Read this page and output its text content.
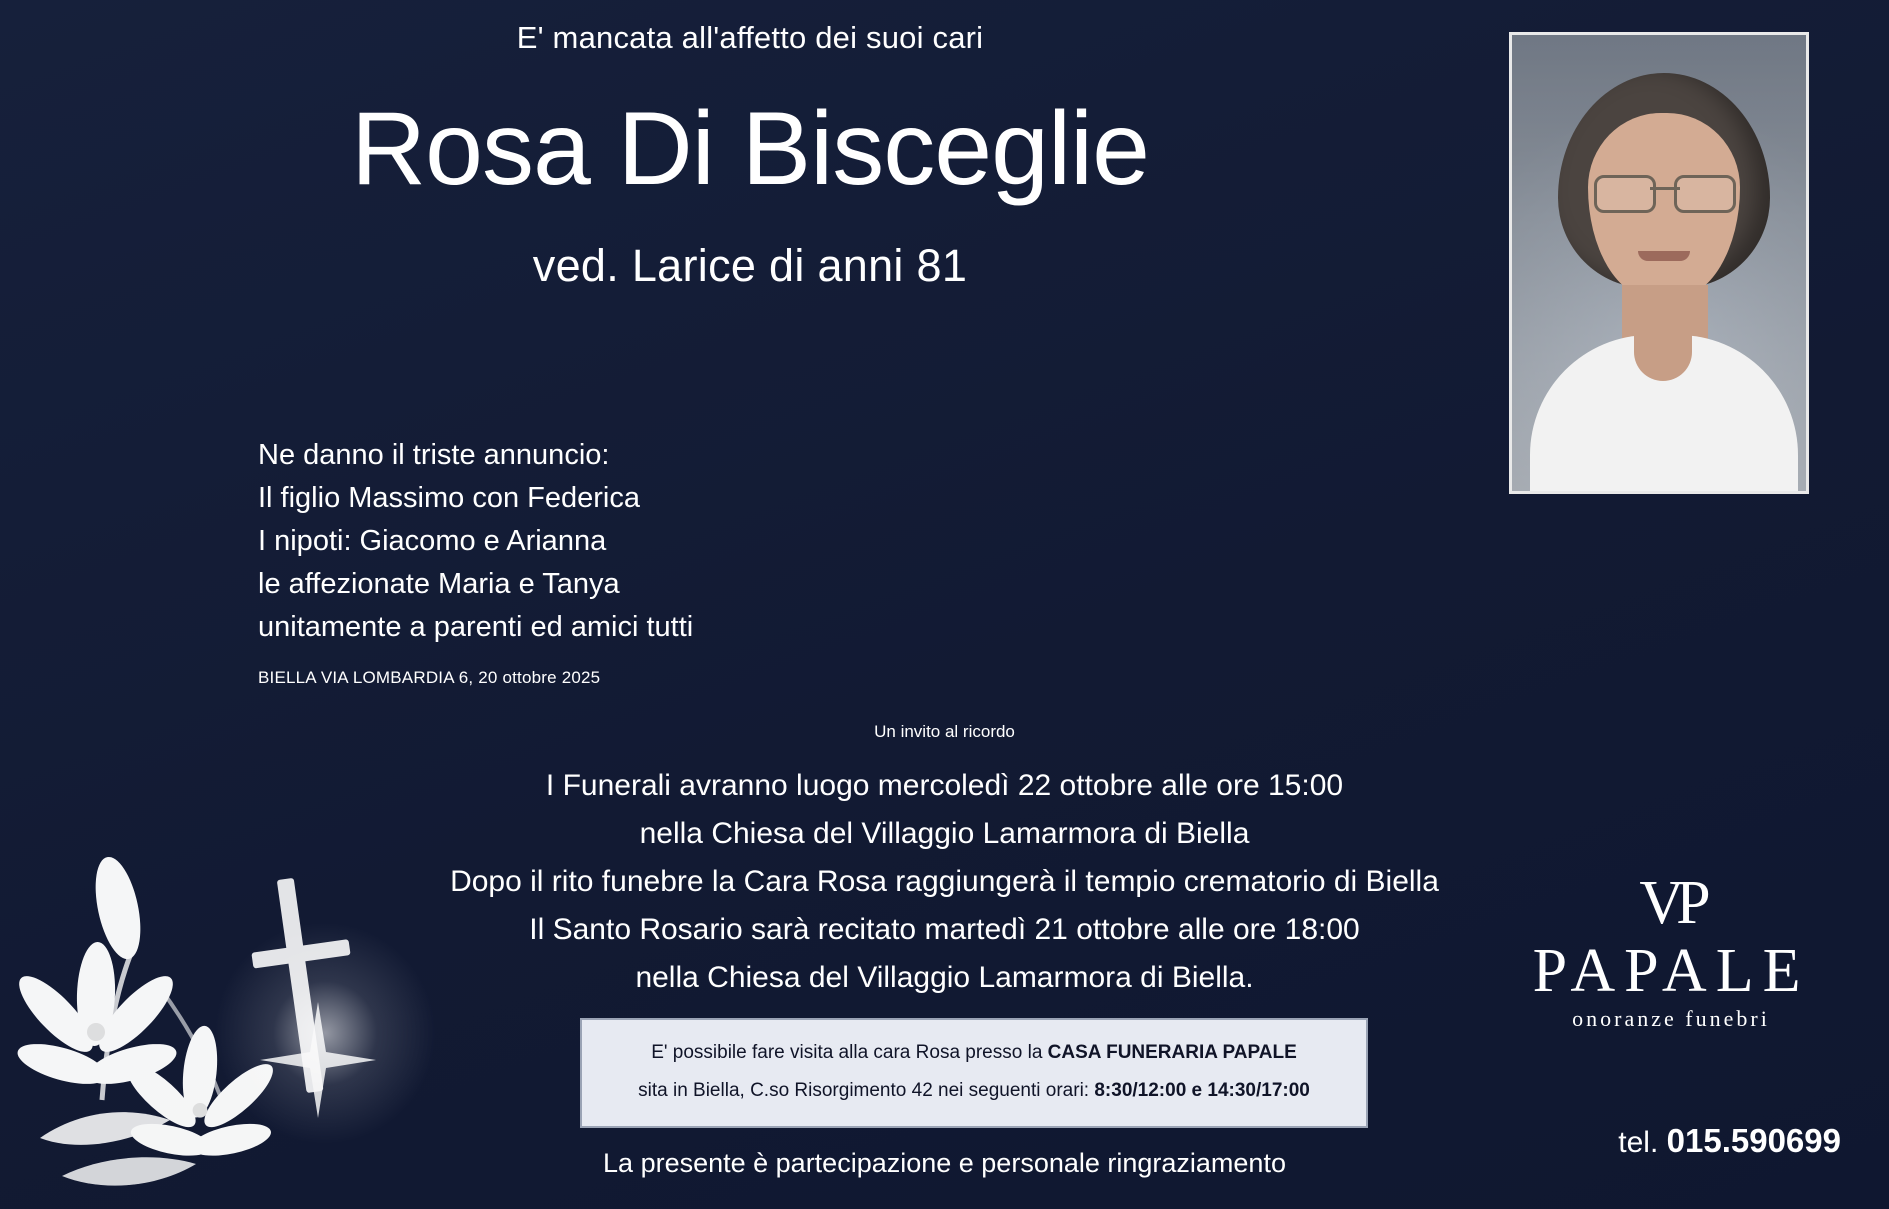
E' mancata all'affetto dei suoi cari
Rosa Di Bisceglie
ved. Larice di anni 81
Ne danno il triste annuncio:
Il figlio Massimo con Federica
I nipoti: Giacomo e Arianna
le affezionate Maria e Tanya
unitamente a parenti ed amici tutti
BIELLA VIA LOMBARDIA 6, 20 ottobre 2025
Un invito al ricordo
I Funerali avranno luogo mercoledì 22 ottobre alle ore 15:00
nella Chiesa del Villaggio Lamarmora di Biella
Dopo il rito funebre la Cara Rosa raggiungerà il tempio crematorio di Biella
Il Santo Rosario sarà recitato martedì 21 ottobre alle ore 18:00
nella Chiesa del Villaggio Lamarmora di Biella.
E' possibile fare visita alla cara Rosa presso la CASA FUNERARIA PAPALE
sita in Biella, C.so Risorgimento 42 nei seguenti orari: 8:30/12:00 e 14:30/17:00
La presente è partecipazione e personale ringraziamento
VP
PAPALE
onoranze funebri
tel. 015.590699
